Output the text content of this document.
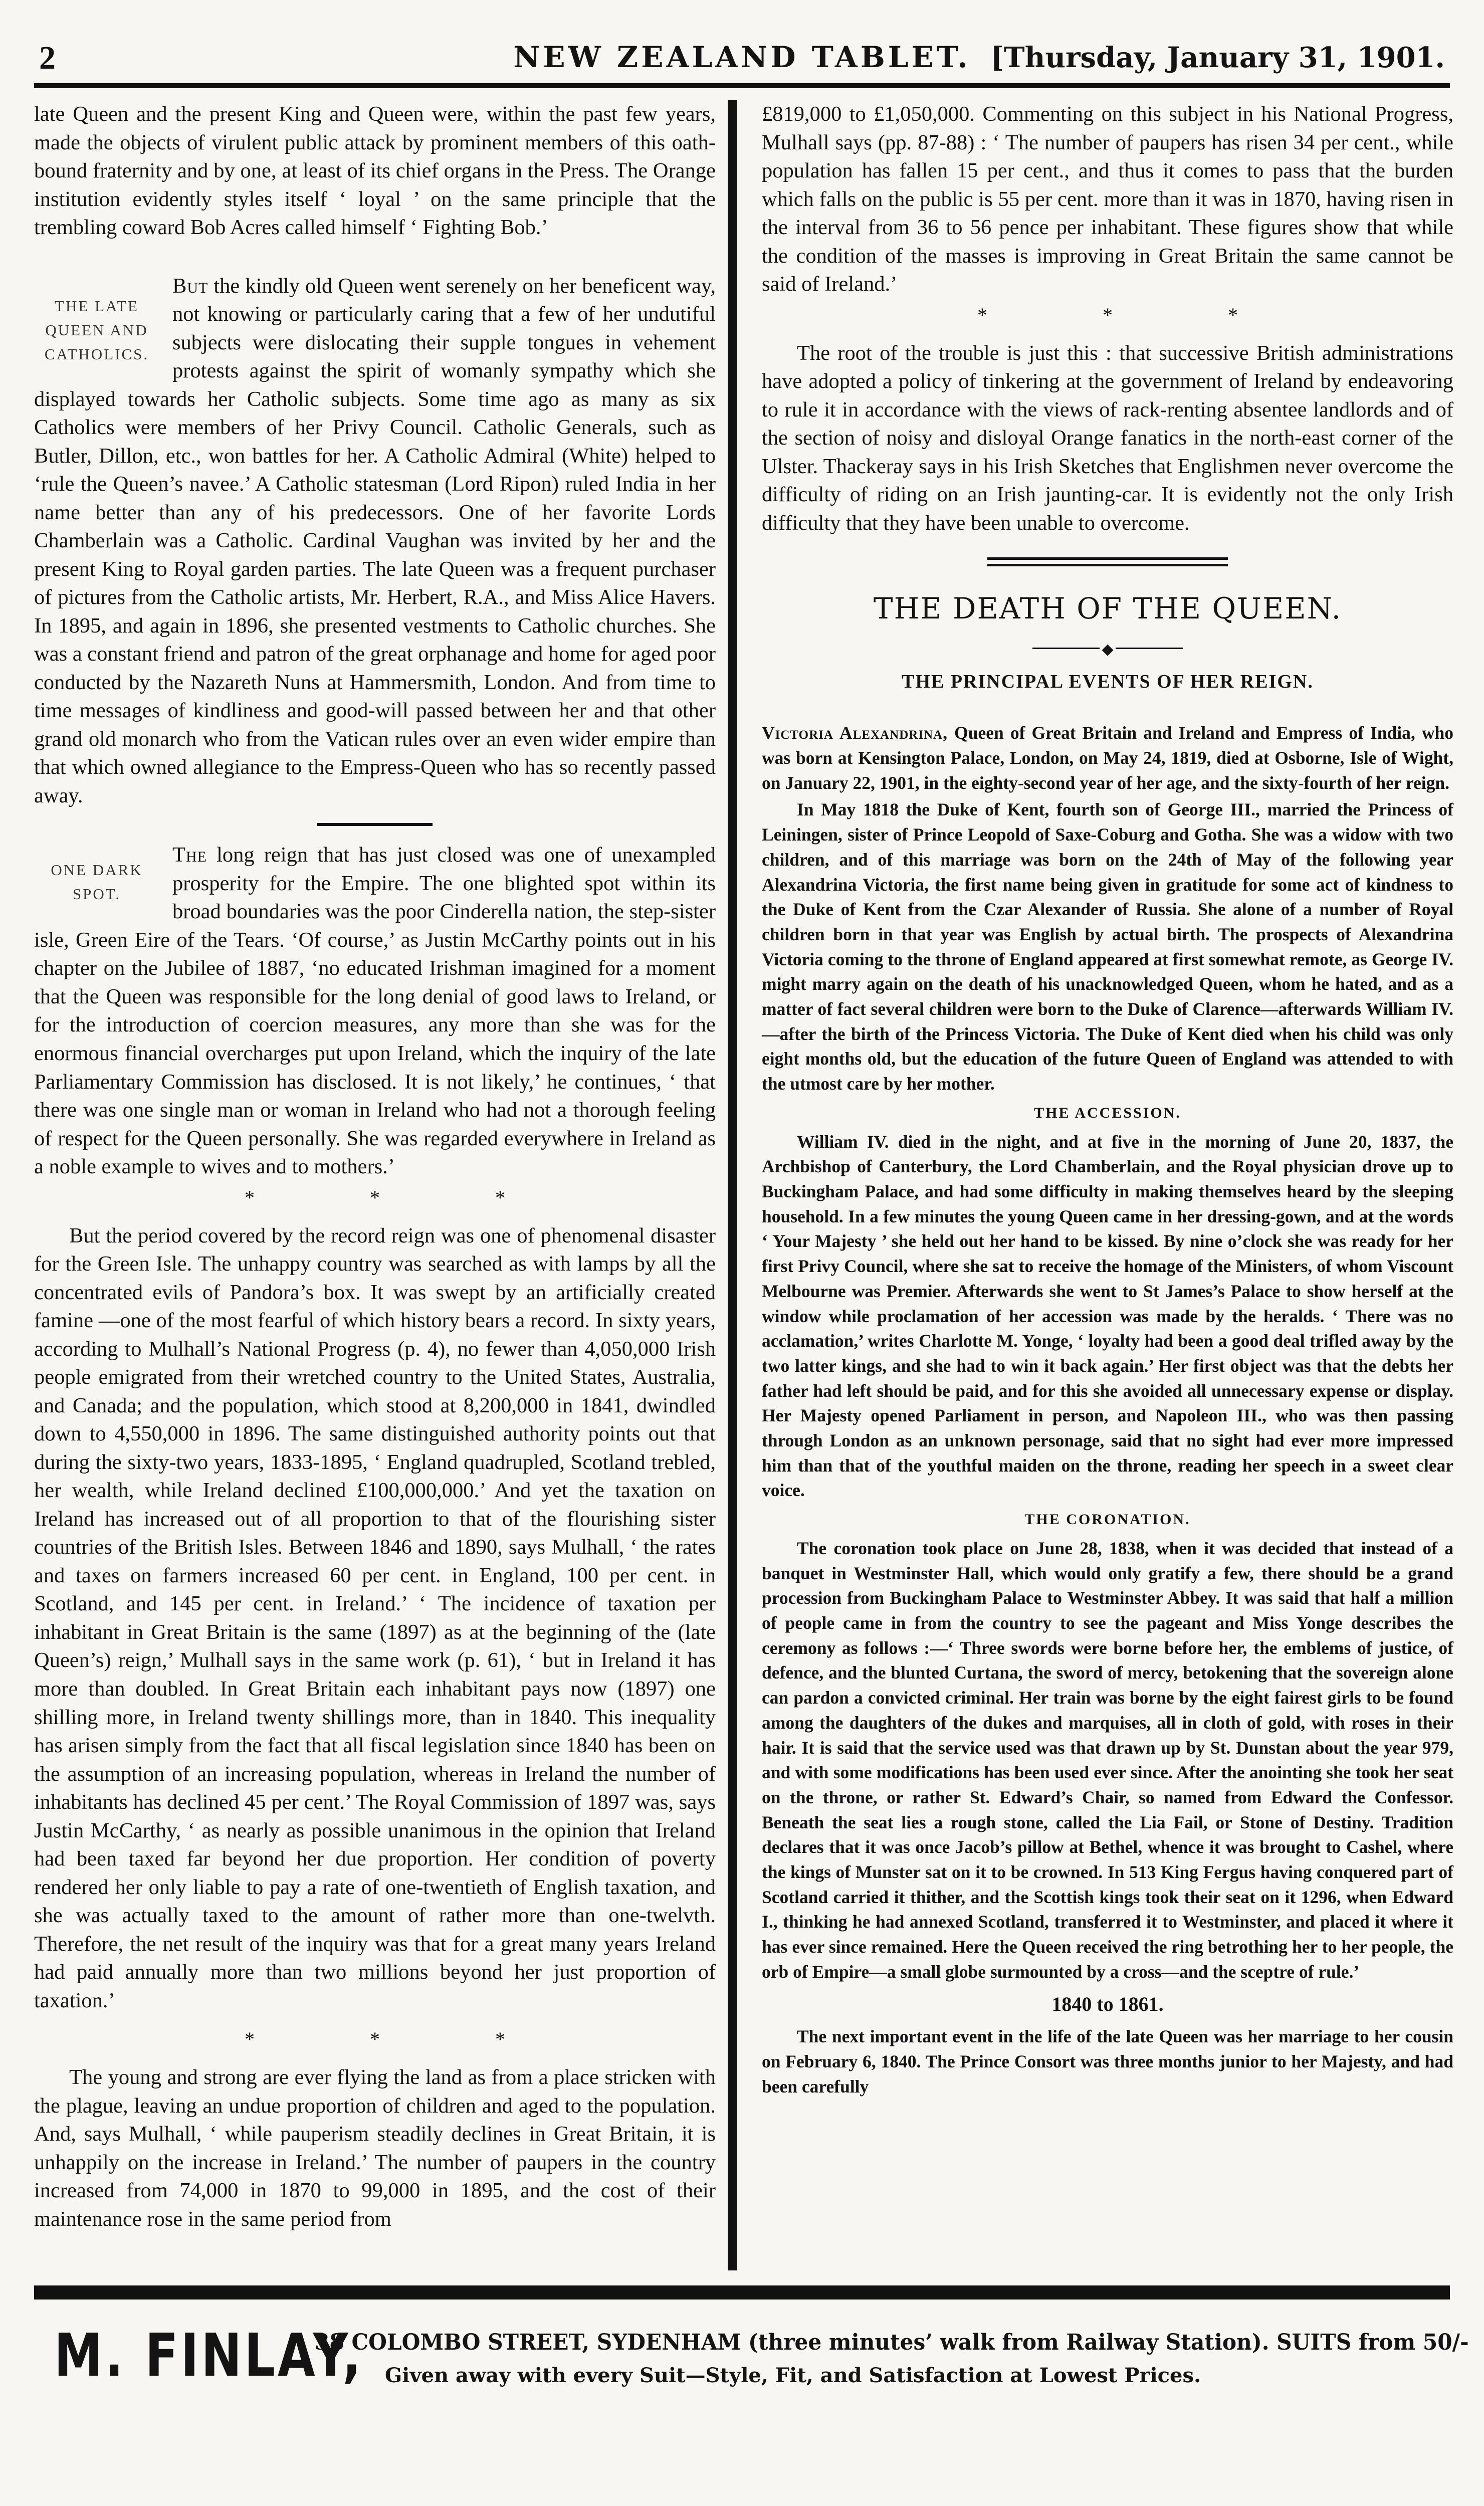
2	NEW ZEALAND TABLET. [Thursday, January 31, 1901.

late Queen and the present King and Queen were, within the past few years, made the objects of virulent public attack by prominent members of this oath-bound fraternity and by one, at least of its chief organs in the Press. The Orange institution evidently styles itself ‘ loyal ’ on the same principle that the trembling coward Bob Acres called himself ‘ Fighting Bob.’

THE LATE QUEEN AND CATHOLICS.

But the kindly old Queen went serenely on her beneficent way, not knowing or particularly caring that a few of her undutiful subjects were dislocating their supple tongues in vehement protests against the spirit of womanly sympathy which she displayed towards her Catholic subjects. Some time ago as many as six Catholics were members of her Privy Council. Catholic Generals, such as Butler, Dillon, etc., won battles for her. A Catholic Admiral (White) helped to ‘rule the Queen’s navee.’ A Catholic statesman (Lord Ripon) ruled India in her name better than any of his predecessors. One of her favorite Lords Chamberlain was a Catholic. Cardinal Vaughan was invited by her and the present King to Royal garden parties. The late Queen was a frequent purchaser of pictures from the Catholic artists, Mr. Herbert, R.A., and Miss Alice Havers. In 1895, and again in 1896, she presented vestments to Catholic churches. She was a constant friend and patron of the great orphanage and home for aged poor conducted by the Nazareth Nuns at Hammersmith, London. And from time to time messages of kindliness and good-will passed between her and that other grand old monarch who from the Vatican rules over an even wider empire than that which owned allegiance to the Empress-Queen who has so recently passed away.

ONE DARK SPOT.

The long reign that has just closed was one of unexampled prosperity for the Empire. The one blighted spot within its broad boundaries was the poor Cinderella nation, the step-sister isle, Green Eire of the Tears. ‘Of course,’ as Justin McCarthy points out in his chapter on the Jubilee of 1887, ‘no educated Irishman imagined for a moment that the Queen was responsible for the long denial of good laws to Ireland, or for the introduction of coercion measures, any more than she was for the enormous financial overcharges put upon Ireland, which the inquiry of the late Parliamentary Commission has disclosed. It is not likely,’ he continues, ‘ that there was one single man or woman in Ireland who had not a thorough feeling of respect for the Queen personally. She was regarded everywhere in Ireland as a noble example to wives and to mothers.’

* * *

But the period covered by the record reign was one of phenomenal disaster for the Green Isle. The unhappy country was searched as with lamps by all the concentrated evils of Pandora’s box. It was swept by an artificially created famine —one of the most fearful of which history bears a record. In sixty years, according to Mulhall’s National Progress (p. 4), no fewer than 4,050,000 Irish people emigrated from their wretched country to the United States, Australia, and Canada; and the population, which stood at 8,200,000 in 1841, dwindled down to 4,550,000 in 1896. The same distinguished authority points out that during the sixty-two years, 1833-1895, ‘ England quadrupled, Scotland trebled, her wealth, while Ireland declined £100,000,000.’ And yet the taxation on Ireland has increased out of all proportion to that of the flourishing sister countries of the British Isles. Between 1846 and 1890, says Mulhall, ‘ the rates and taxes on farmers increased 60 per cent. in England, 100 per cent. in Scotland, and 145 per cent. in Ireland.’ ‘ The incidence of taxation per inhabitant in Great Britain is the same (1897) as at the beginning of the (late Queen’s) reign,’ Mulhall says in the same work (p. 61), ‘ but in Ireland it has more than doubled. In Great Britain each inhabitant pays now (1897) one shilling more, in Ireland twenty shillings more, than in 1840. This inequality has arisen simply from the fact that all fiscal legislation since 1840 has been on the assumption of an increasing population, whereas in Ireland the number of inhabitants has declined 45 per cent.’ The Royal Commission of 1897 was, says Justin McCarthy, ‘ as nearly as possible unanimous in the opinion that Ireland had been taxed far beyond her due proportion. Her condition of poverty rendered her only liable to pay a rate of one-twentieth of English taxation, and she was actually taxed to the amount of rather more than one-twelvth. Therefore, the net result of the inquiry was that for a great many years Ireland had paid annually more than two millions beyond her just proportion of taxation.’

* * *

The young and strong are ever flying the land as from a place stricken with the plague, leaving an undue proportion of children and aged to the population. And, says Mulhall, ‘ while pauperism steadily declines in Great Britain, it is unhappily on the increase in Ireland.’ The number of paupers in the country increased from 74,000 in 1870 to 99,000 in 1895, and the cost of their maintenance rose in the same period from

£819,000 to £1,050,000. Commenting on this subject in his National Progress, Mulhall says (pp. 87-88) : ‘ The number of paupers has risen 34 per cent., while population has fallen 15 per cent., and thus it comes to pass that the burden which falls on the public is 55 per cent. more than it was in 1870, having risen in the interval from 36 to 56 pence per inhabitant. These figures show that while the condition of the masses is improving in Great Britain the same cannot be said of Ireland.’

* * *

The root of the trouble is just this : that successive British administrations have adopted a policy of tinkering at the government of Ireland by endeavoring to rule it in accordance with the views of rack-renting absentee landlords and of the section of noisy and disloyal Orange fanatics in the north-east corner of the Ulster. Thackeray says in his Irish Sketches that Englishmen never overcome the difficulty of riding on an Irish jaunting-car. It is evidently not the only Irish difficulty that they have been unable to overcome.

THE DEATH OF THE QUEEN.
◆
THE PRINCIPAL EVENTS OF HER REIGN.

Victoria Alexandrina, Queen of Great Britain and Ireland and Empress of India, who was born at Kensington Palace, London, on May 24, 1819, died at Osborne, Isle of Wight, on January 22, 1901, in the eighty-second year of her age, and the sixty-fourth of her reign.

In May 1818 the Duke of Kent, fourth son of George III., married the Princess of Leiningen, sister of Prince Leopold of Saxe-Coburg and Gotha. She was a widow with two children, and of this marriage was born on the 24th of May of the following year Alexandrina Victoria, the first name being given in gratitude for some act of kindness to the Duke of Kent from the Czar Alexander of Russia. She alone of a number of Royal children born in that year was English by actual birth. The prospects of Alexandrina Victoria coming to the throne of England appeared at first somewhat remote, as George IV. might marry again on the death of his unacknowledged Queen, whom he hated, and as a matter of fact several children were born to the Duke of Clarence—afterwards William IV.—after the birth of the Princess Victoria. The Duke of Kent died when his child was only eight months old, but the education of the future Queen of England was attended to with the utmost care by her mother.

THE ACCESSION.

William IV. died in the night, and at five in the morning of June 20, 1837, the Archbishop of Canterbury, the Lord Chamberlain, and the Royal physician drove up to Buckingham Palace, and had some difficulty in making themselves heard by the sleeping household. In a few minutes the young Queen came in her dressing-gown, and at the words ‘ Your Majesty ’ she held out her hand to be kissed. By nine o’clock she was ready for her first Privy Council, where she sat to receive the homage of the Ministers, of whom Viscount Melbourne was Premier. Afterwards she went to St James’s Palace to show herself at the window while proclamation of her accession was made by the heralds. ‘ There was no acclamation,’ writes Charlotte M. Yonge, ‘ loyalty had been a good deal trifled away by the two latter kings, and she had to win it back again.’ Her first object was that the debts her father had left should be paid, and for this she avoided all unnecessary expense or display. Her Majesty opened Parliament in person, and Napoleon III., who was then passing through London as an unknown personage, said that no sight had ever more impressed him than that of the youthful maiden on the throne, reading her speech in a sweet clear voice.

THE CORONATION.

The coronation took place on June 28, 1838, when it was decided that instead of a banquet in Westminster Hall, which would only gratify a few, there should be a grand procession from Buckingham Palace to Westminster Abbey. It was said that half a million of people came in from the country to see the pageant and Miss Yonge describes the ceremony as follows :—‘ Three swords were borne before her, the emblems of justice, of defence, and the blunted Curtana, the sword of mercy, betokening that the sovereign alone can pardon a convicted criminal. Her train was borne by the eight fairest girls to be found among the daughters of the dukes and marquises, all in cloth of gold, with roses in their hair. It is said that the service used was that drawn up by St. Dunstan about the year 979, and with some modifications has been used ever since. After the anointing she took her seat on the throne, or rather St. Edward’s Chair, so named from Edward the Confessor. Beneath the seat lies a rough stone, called the Lia Fail, or Stone of Destiny. Tradition declares that it was once Jacob’s pillow at Bethel, whence it was brought to Cashel, where the kings of Munster sat on it to be crowned. In 513 King Fergus having conquered part of Scotland carried it thither, and the Scottish kings took their seat on it 1296, when Edward I., thinking he had annexed Scotland, transferred it to Westminster, and placed it where it has ever since remained. Here the Queen received the ring betrothing her to her people, the orb of Empire—a small globe surmounted by a cross—and the sceptre of rule.’

1840 to 1861.

The next important event in the life of the late Queen was her marriage to her cousin on February 6, 1840. The Prince Consort was three months junior to her Majesty, and had been carefully

M. FINLAY,
38 COLOMBO STREET, SYDENHAM (three minutes’ walk from Railway Station). SUITS from 50/-
Given away with every Suit—Style, Fit, and Satisfaction at Lowest Prices.
